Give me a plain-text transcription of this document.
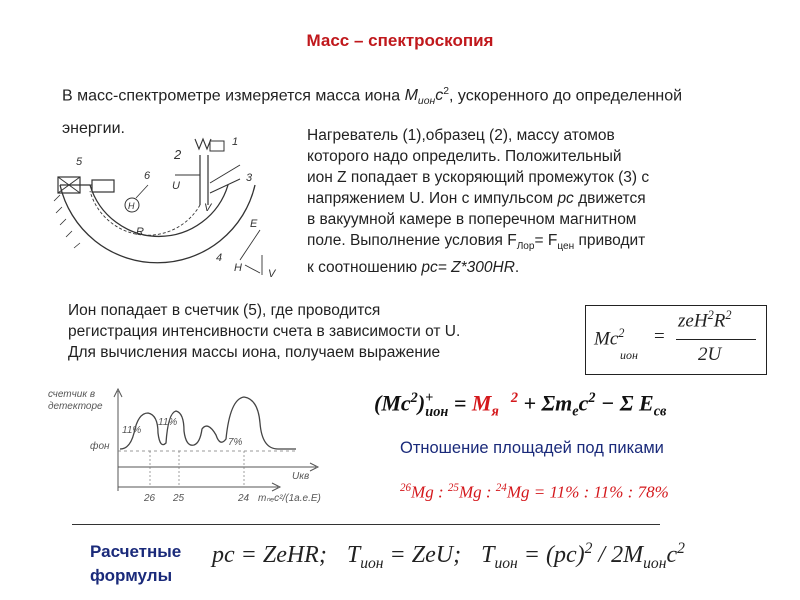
Масс – спектроскопия
В масс-спектрометре измеряется масса иона $M_{ион}c^2$, ускоренного до определенной энергии.
5
6
2
1
3
4
R
H
U
E
H V
V
Нагреватель (1),образец (2), массу атомов
которого надо определить. Положительный
ион Z попадает в ускоряющий промежуток (3) с
напряжением U. Ион с импульсом pc движется
в вакуумной камере в поперечном магнитном
поле. Выполнение условия $F_{Лор}= F_{цен}$ приводит
к соотношению pc= Z*300HR.
Ион попадает в счетчик (5), где проводится
регистрация интенсивности счета в зависимости от U.
Для вычисления массы иона, получаем выражение
Mc$^2$
ион
=
$zeH^2R^2$
2U
счетчик в
детекторе
фон
11%
11%
7%
Uкв
26 25	24 mₙₑc²/(1а.е.Е)
$(Mc^2)^+_{ион} = M_я^2 + \Sigma m_ec^2 - \Sigma$ $E_{св}$
Отношение площадей под пиками
$^{26}$Mg : $^{25}$Mg : $^{24}$Mg = 11% : 11% : 78%
Расчетные
формулы
pc = ZeHR; $T_{ион}$ = ZeU; $T_{ион} = (pc)^2 / 2M_{ион}c^2$
